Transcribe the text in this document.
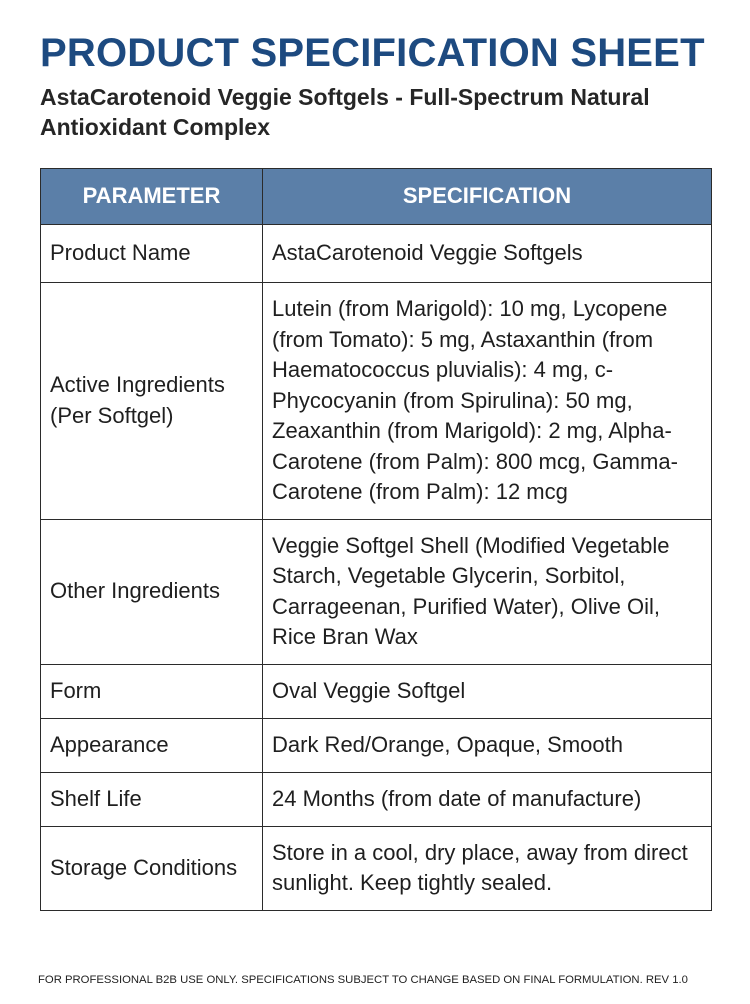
PRODUCT SPECIFICATION SHEET
AstaCarotenoid Veggie Softgels - Full-Spectrum Natural Antioxidant Complex
PARAMETER	SPECIFICATION
Product Name	AstaCarotenoid Veggie Softgels
Active Ingredients (Per Softgel)	Lutein (from Marigold): 10 mg, Lycopene (from Tomato): 5 mg, Astaxanthin (from Haematococcus pluvialis): 4 mg, c-Phycocyanin (from Spirulina): 50 mg, Zeaxanthin (from Marigold): 2 mg, Alpha-Carotene (from Palm): 800 mcg, Gamma-Carotene (from Palm): 12 mcg
Other Ingredients	Veggie Softgel Shell (Modified Vegetable Starch, Vegetable Glycerin, Sorbitol, Carrageenan, Purified Water), Olive Oil, Rice Bran Wax
Form	Oval Veggie Softgel
Appearance	Dark Red/Orange, Opaque, Smooth
Shelf Life	24 Months (from date of manufacture)
Storage Conditions	Store in a cool, dry place, away from direct sunlight. Keep tightly sealed.

FOR PROFESSIONAL B2B USE ONLY. SPECIFICATIONS SUBJECT TO CHANGE BASED ON FINAL FORMULATION. REV 1.0
